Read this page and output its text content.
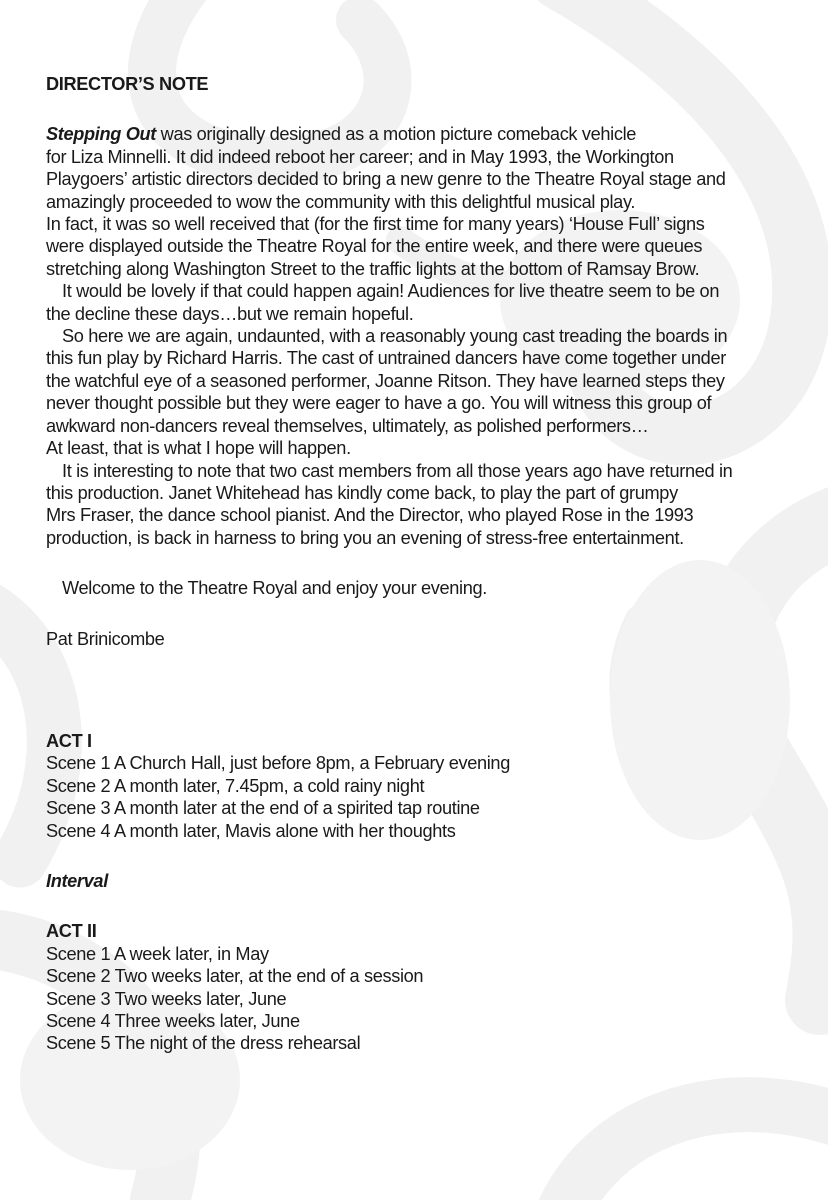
DIRECTOR’S NOTE

Stepping Out was originally designed as a motion picture comeback vehicle

for Liza Minnelli. It did indeed reboot her career; and in May 1993, the Workington

Playgoers’ artistic directors decided to bring a new genre to the Theatre Royal stage and

amazingly proceeded to wow the community with this delightful musical play.

In fact, it was so well received that (for the first time for many years) ‘House Full’ signs

were displayed outside the Theatre Royal for the entire week, and there were queues

stretching along Washington Street to the traffic lights at the bottom of Ramsay Brow.

It would be lovely if that could happen again! Audiences for live theatre seem to be on

the decline these days…but we remain hopeful.

So here we are again, undaunted, with a reasonably young cast treading the boards in

this fun play by Richard Harris. The cast of untrained dancers have come together under

the watchful eye of a seasoned performer, Joanne Ritson. They have learned steps they

never thought possible but they were eager to have a go. You will witness this group of

awkward non-dancers reveal themselves, ultimately, as polished performers…

At least, that is what I hope will happen.

It is interesting to note that two cast members from all those years ago have returned in

this production. Janet Whitehead has kindly come back, to play the part of grumpy

Mrs Fraser, the dance school pianist. And the Director, who played Rose in the 1993

production, is back in harness to bring you an evening of stress-free entertainment.

Welcome to the Theatre Royal and enjoy your evening.

Pat Brinicombe

ACT I

Scene 1 A Church Hall, just before 8pm, a February evening

Scene 2 A month later, 7.45pm, a cold rainy night

Scene 3 A month later at the end of a spirited tap routine

Scene 4 A month later, Mavis alone with her thoughts

Interval

ACT II

Scene 1 A week later, in May

Scene 2 Two weeks later, at the end of a session

Scene 3 Two weeks later, June

Scene 4 Three weeks later, June

Scene 5 The night of the dress rehearsal
